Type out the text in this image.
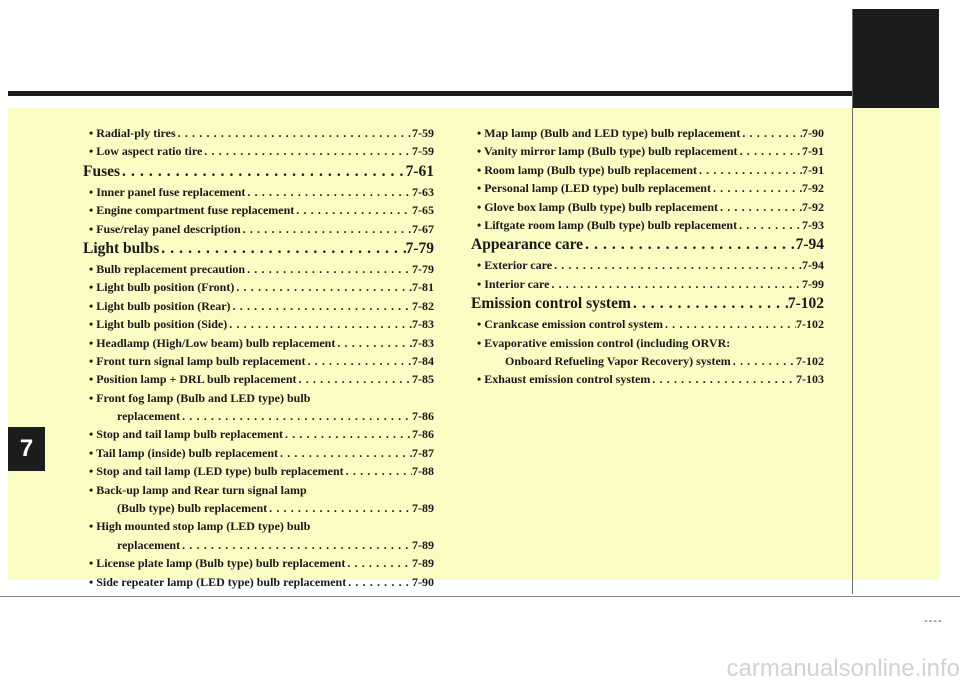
• Radial-ply tires . . .	7-59
• Low aspect ratio tire . . .	7-59
Fuses . . .	7-61
• Inner panel fuse replacement . . .	7-63
• Engine compartment fuse replacement . . .	7-65
• Fuse/relay panel description . . .	7-67
Light bulbs . . .	7-79
• Bulb replacement precaution . . .	7-79
• Light bulb position (Front) . . .	7-81
• Light bulb position (Rear) . . .	7-82
• Light bulb position (Side) . . .	7-83
• Headlamp (High/Low beam) bulb replacement . . .	7-83
• Front turn signal lamp bulb replacement . . .	7-84
• Position lamp + DRL bulb replacement . . .	7-85
• Front fog lamp (Bulb and LED type) bulb
replacement . . .	7-86
• Stop and tail lamp bulb replacement . . .	7-86
• Tail lamp (inside) bulb replacement . . .	7-87
• Stop and tail lamp (LED type) bulb replacement . . .	7-88
• Back-up lamp and Rear turn signal lamp
(Bulb type) bulb replacement . . .	7-89
• High mounted stop lamp (LED type) bulb
replacement . . .	7-89
• License plate lamp (Bulb type) bulb replacement . . .	7-89
• Side repeater lamp (LED type) bulb replacement . . .	7-90
• Map lamp (Bulb and LED type) bulb replacement . . .	7-90
• Vanity mirror lamp (Bulb type) bulb replacement . . .	7-91
• Room lamp (Bulb type) bulb replacement . . .	7-91
• Personal lamp (LED type) bulb replacement . . .	7-92
• Glove box lamp (Bulb type) bulb replacement . . .	7-92
• Liftgate room lamp (Bulb type) bulb replacement . . .	7-93
Appearance care . . .	7-94
• Exterior care . . .	7-94
• Interior care . . .	7-99
Emission control system . . .	7-102
• Crankcase emission control system . . .	7-102
• Evaporative emission control (including ORVR:
Onboard Refueling Vapor Recovery) system . . .	7-102
• Exhaust emission control system . . .	7-103
7
----
carmanualsonline.info
